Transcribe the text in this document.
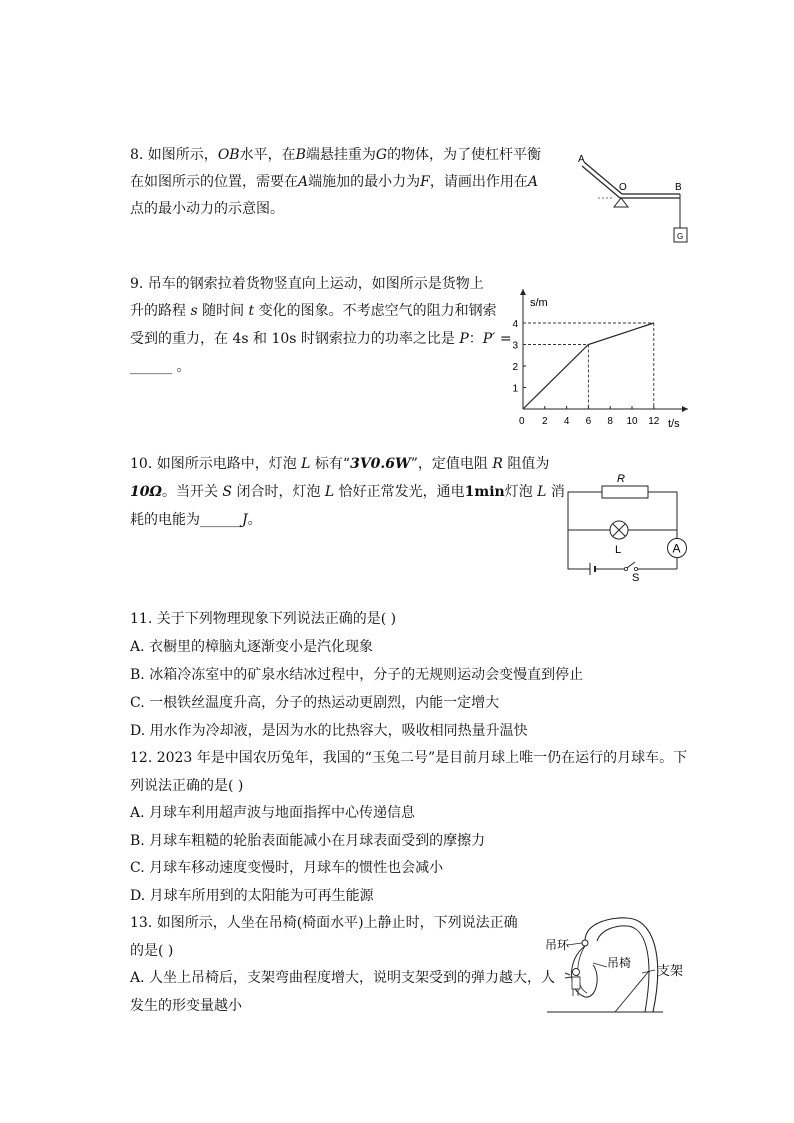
8. 如图所示，OB水平，在B端悬挂重为G的物体，为了使杠杆平衡
在如图所示的位置，需要在A端施加的最小力为F，请画出作用在A
点的最小动力的示意图。
A
O	B
G
9. 吊车的钢索拉着货物竖直向上运动，如图所示是货物上
升的路程 s 随时间 t 变化的图象。不考虑空气的阻力和钢索
受到的重力，在 4s 和 10s 时钢索拉力的功率之比是 P：P′ =
______ 。
s/m
t/s
0 2 4 6 8 10 12
1
2
3
4
10. 如图所示电路中，灯泡 L 标有“3V0.6W”，定值电阻 R 阻值为
10Ω。当开关 S 闭合时，灯泡 L 恰好正常发光，通电1min灯泡 L 消
耗的电能为______J。
R
L	A
S
11. 关于下列物理现象下列说法正确的是( )
A. 衣橱里的樟脑丸逐渐变小是汽化现象
B. 冰箱冷冻室中的矿泉水结冰过程中，分子的无规则运动会变慢直到停止
C. 一根铁丝温度升高，分子的热运动更剧烈，内能一定增大
D. 用水作为冷却液，是因为水的比热容大，吸收相同热量升温快
12. 2023 年是中国农历兔年，我国的“玉兔二号”是目前月球上唯一仍在运行的月球车。下
列说法正确的是( )
A. 月球车利用超声波与地面指挥中心传递信息
B. 月球车粗糙的轮胎表面能减小在月球表面受到的摩擦力
C. 月球车移动速度变慢时，月球车的惯性也会减小
D. 月球车所用到的太阳能为可再生能源
13. 如图所示，人坐在吊椅(椅面水平)上静止时，下列说法正确
的是( )
A. 人坐上吊椅后，支架弯曲程度增大，说明支架受到的弹力越大，人
发生的形变量越小
吊环
吊椅 支架
